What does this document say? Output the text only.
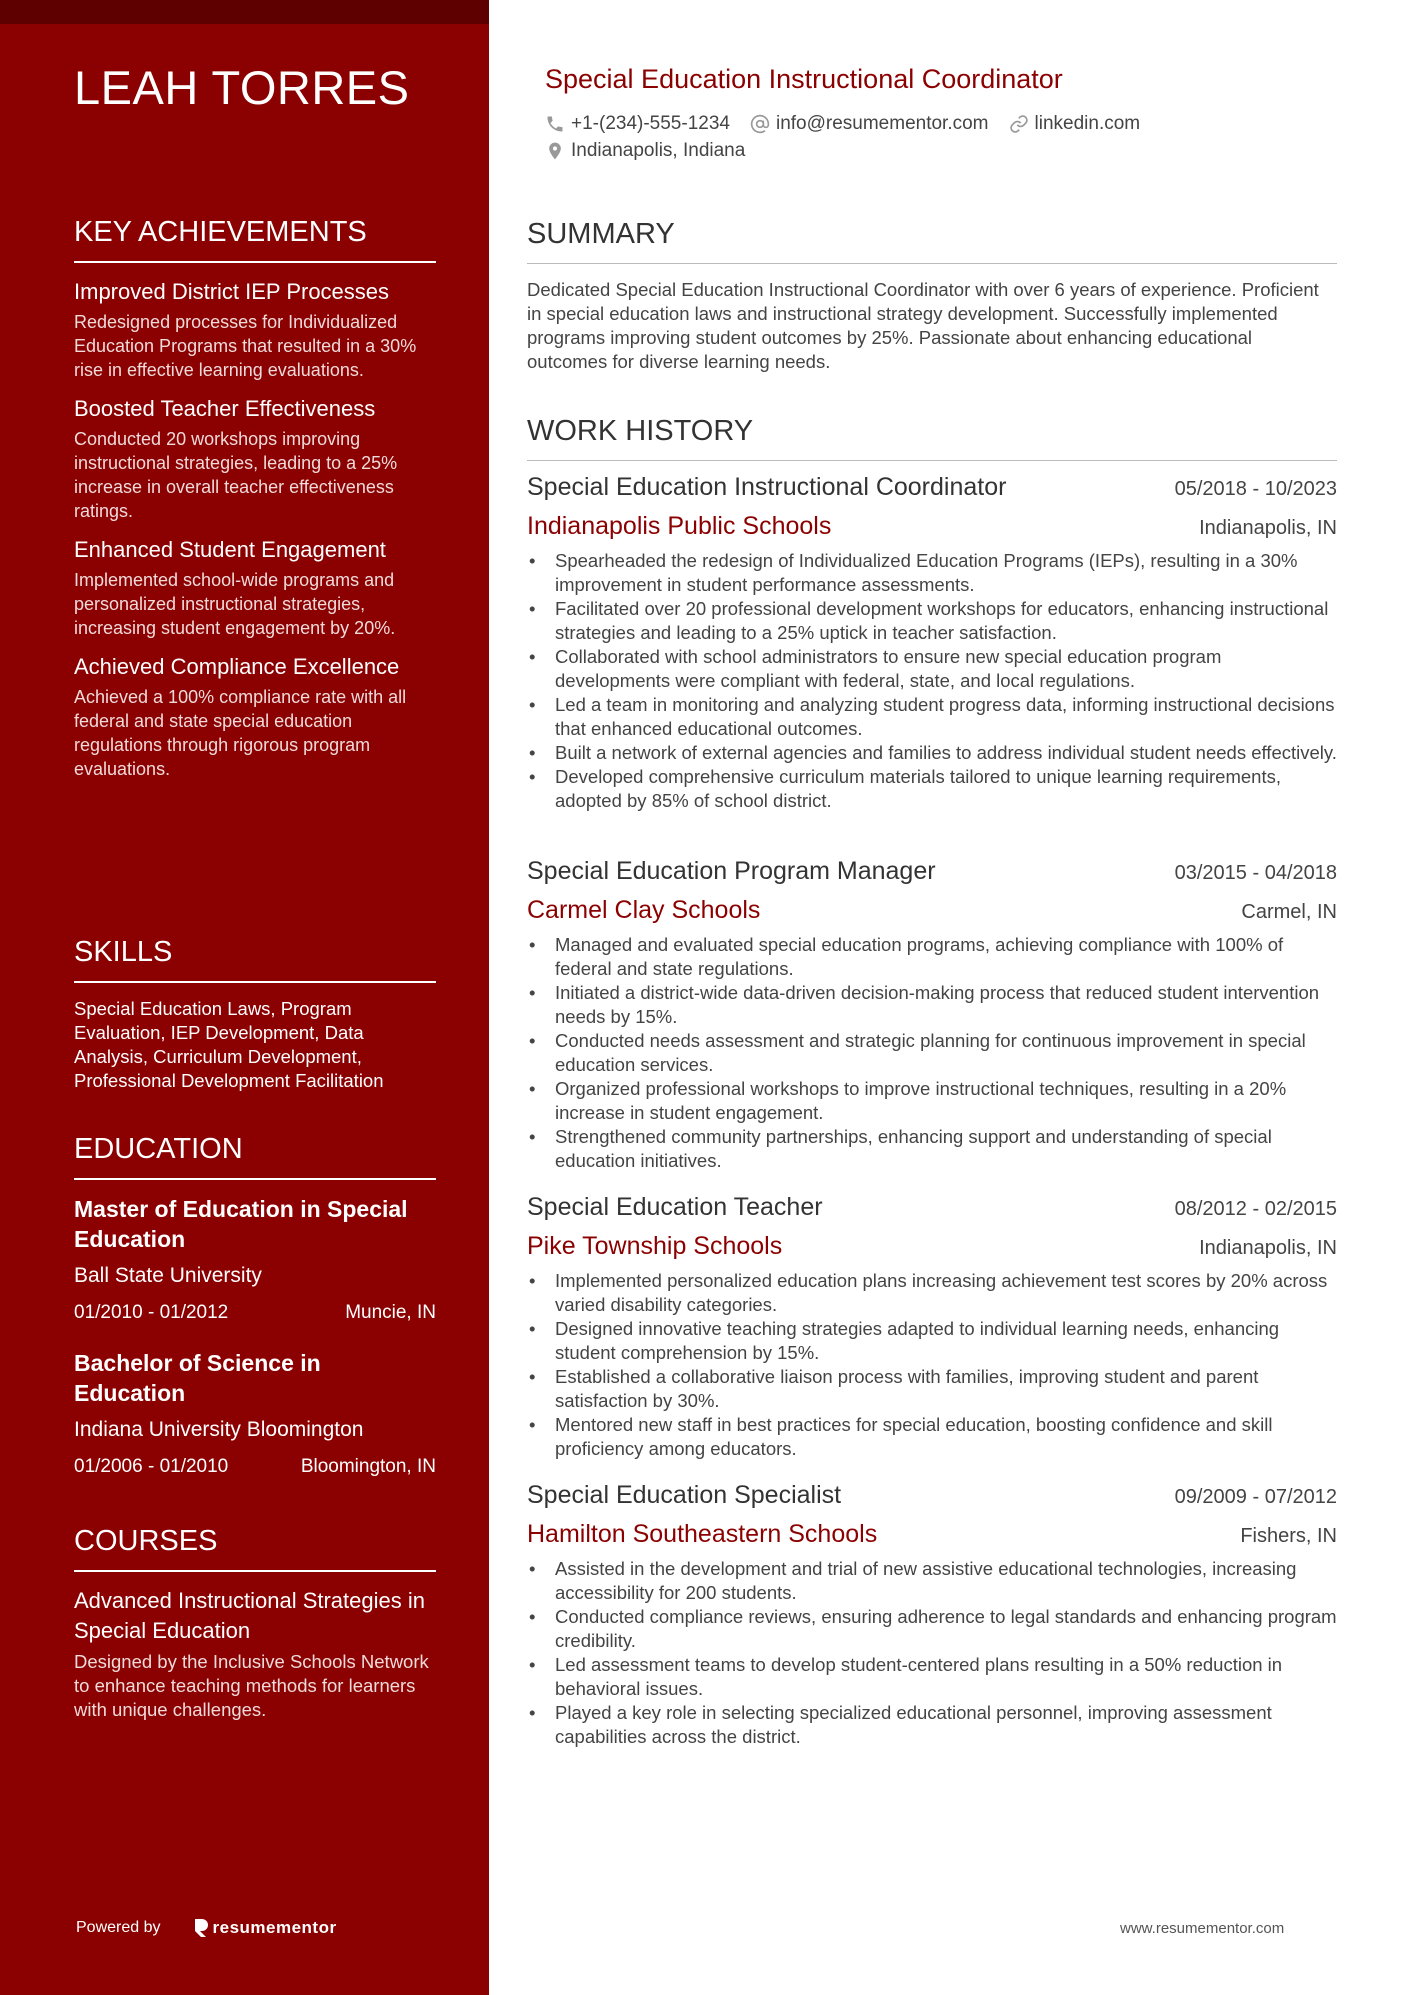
LEAH TORRES
KEY ACHIEVEMENTS
Improved District IEP Processes
Redesigned processes for Individualized Education Programs that resulted in a 30% rise in effective learning evaluations.
Boosted Teacher Effectiveness
Conducted 20 workshops improving instructional strategies, leading to a 25% increase in overall teacher effectiveness ratings.
Enhanced Student Engagement
Implemented school-wide programs and personalized instructional strategies, increasing student engagement by 20%.
Achieved Compliance Excellence
Achieved a 100% compliance rate with all federal and state special education regulations through rigorous program evaluations.
SKILLS
Special Education Laws, Program Evaluation, IEP Development, Data Analysis, Curriculum Development, Professional Development Facilitation
EDUCATION
Master of Education in Special Education
Ball State University
01/2010 - 01/2012	Muncie, IN
Bachelor of Science in Education
Indiana University Bloomington
01/2006 - 01/2010	Bloomington, IN
COURSES
Advanced Instructional Strategies in Special Education
Designed by the Inclusive Schools Network to enhance teaching methods for learners with unique challenges.
Powered by	resumementor
Special Education Instructional Coordinator
+1-(234)-555-1234 info@resumementor.com linkedin.com
Indianapolis, Indiana
SUMMARY
Dedicated Special Education Instructional Coordinator with over 6 years of experience. Proficient in special education laws and instructional strategy development. Successfully implemented programs improving student outcomes by 25%. Passionate about enhancing educational outcomes for diverse learning needs.
WORK HISTORY
Special Education Instructional Coordinator	05/2018 - 10/2023
Indianapolis Public Schools	Indianapolis, IN
• Spearheaded the redesign of Individualized Education Programs (IEPs), resulting in a 30% improvement in student performance assessments.
• Facilitated over 20 professional development workshops for educators, enhancing instructional strategies and leading to a 25% uptick in teacher satisfaction.
• Collaborated with school administrators to ensure new special education program developments were compliant with federal, state, and local regulations.
• Led a team in monitoring and analyzing student progress data, informing instructional decisions that enhanced educational outcomes.
• Built a network of external agencies and families to address individual student needs effectively.
• Developed comprehensive curriculum materials tailored to unique learning requirements, adopted by 85% of school district.
Special Education Program Manager	03/2015 - 04/2018
Carmel Clay Schools	Carmel, IN
• Managed and evaluated special education programs, achieving compliance with 100% of federal and state regulations.
• Initiated a district-wide data-driven decision-making process that reduced student intervention needs by 15%.
• Conducted needs assessment and strategic planning for continuous improvement in special education services.
• Organized professional workshops to improve instructional techniques, resulting in a 20% increase in student engagement.
• Strengthened community partnerships, enhancing support and understanding of special education initiatives.
Special Education Teacher	08/2012 - 02/2015
Pike Township Schools	Indianapolis, IN
• Implemented personalized education plans increasing achievement test scores by 20% across varied disability categories.
• Designed innovative teaching strategies adapted to individual learning needs, enhancing student comprehension by 15%.
• Established a collaborative liaison process with families, improving student and parent satisfaction by 30%.
• Mentored new staff in best practices for special education, boosting confidence and skill proficiency among educators.
Special Education Specialist	09/2009 - 07/2012
Hamilton Southeastern Schools	Fishers, IN
• Assisted in the development and trial of new assistive educational technologies, increasing accessibility for 200 students.
• Conducted compliance reviews, ensuring adherence to legal standards and enhancing program credibility.
• Led assessment teams to develop student-centered plans resulting in a 50% reduction in behavioral issues.
• Played a key role in selecting specialized educational personnel, improving assessment capabilities across the district.
www.resumementor.com
